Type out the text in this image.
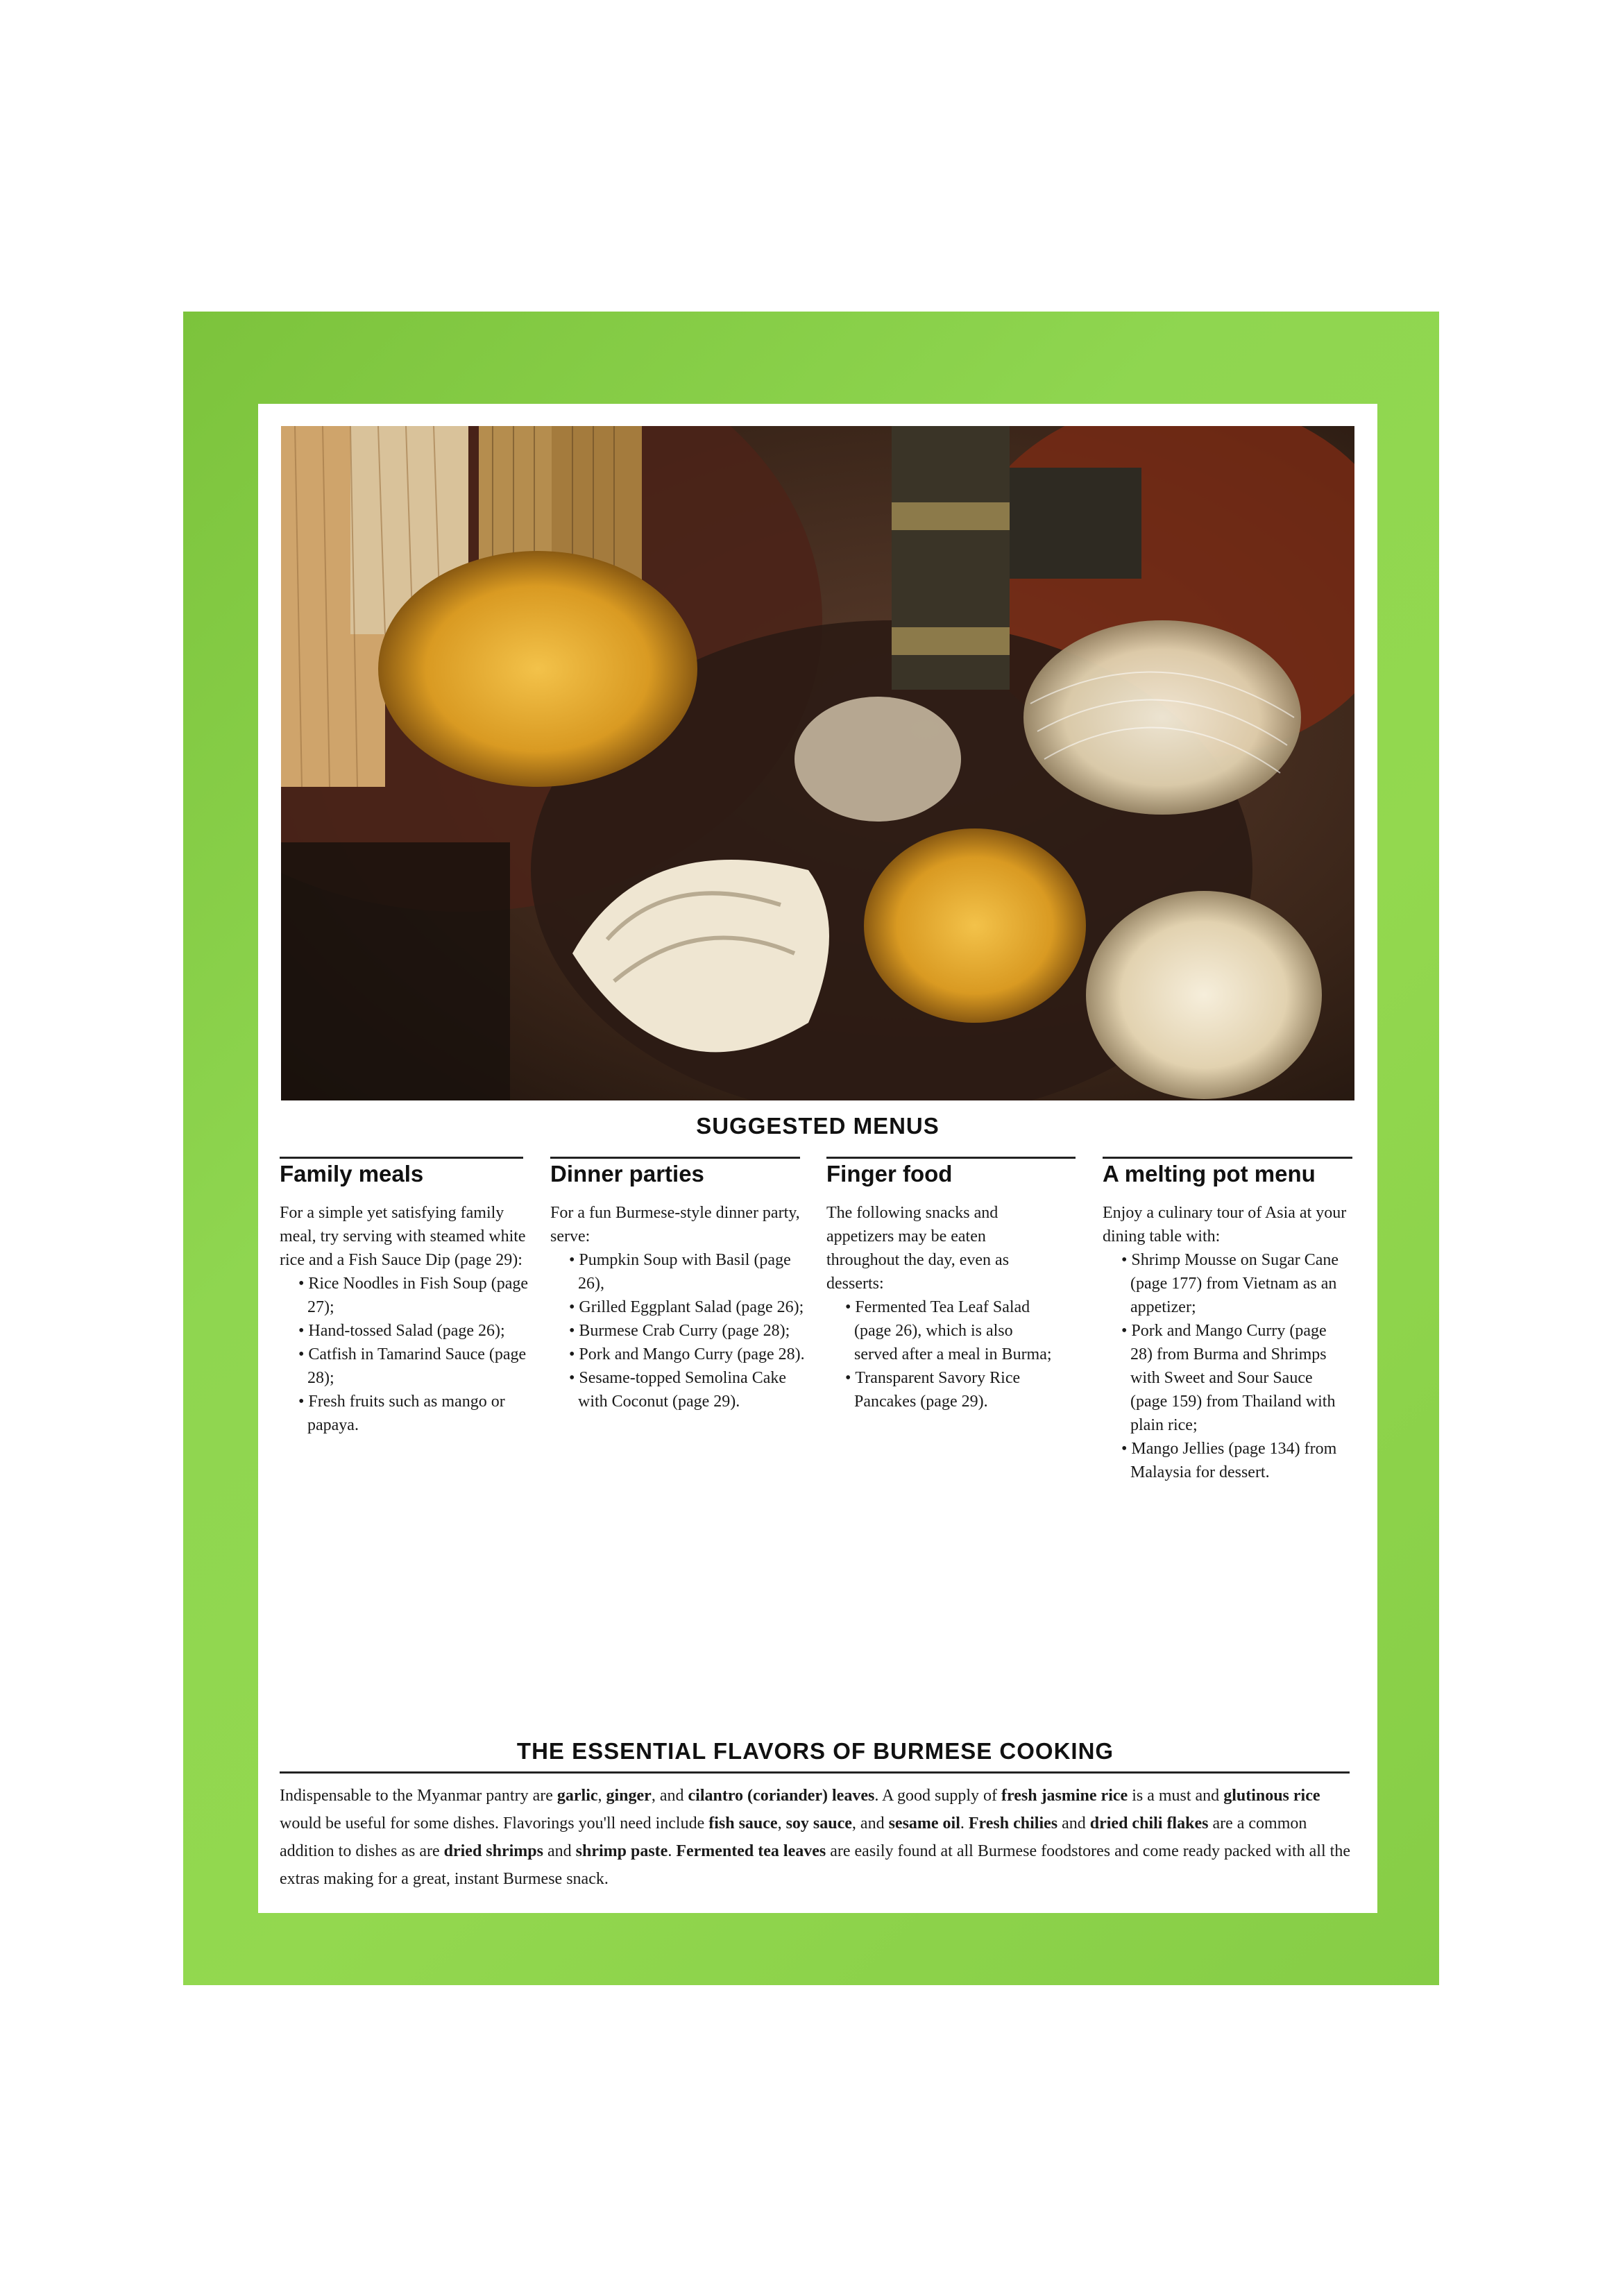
SUGGESTED MENUS
Family meals

For a simple yet satisfying family meal, try serving with steamed white rice and a Fish Sauce Dip (page 29):

• Rice Noodles in Fish Soup (page 27);
• Hand-tossed Salad (page 26);
• Catfish in Tamarind Sauce (page 28);
• Fresh fruits such as mango or papaya.
Dinner parties

For a fun Burmese-style dinner party, serve:

• Pumpkin Soup with Basil (page 26),
• Grilled Eggplant Salad (page 26);
• Burmese Crab Curry (page 28);
• Pork and Mango Curry (page 28).
• Sesame-topped Semolina Cake with Coconut (page 29).
Finger food

The following snacks and appetizers may be eaten throughout the day, even as desserts:

• Fermented Tea Leaf Salad (page 26), which is also served after a meal in Burma;
• Transparent Savory Rice Pancakes (page 29).
A melting pot menu

Enjoy a culinary tour of Asia at your dining table with:

• Shrimp Mousse on Sugar Cane (page 177) from Vietnam as an appetizer;
• Pork and Mango Curry (page 28) from Burma and Shrimps with Sweet and Sour Sauce (page 159) from Thailand with plain rice;
• Mango Jellies (page 134) from Malaysia for dessert.
THE ESSENTIAL FLAVORS OF BURMESE COOKING

Indispensable to the Myanmar pantry are garlic, ginger, and cilantro (coriander) leaves. A good supply of fresh jasmine rice is a must and glutinous rice would be useful for some dishes. Flavorings you'll need include fish sauce, soy sauce, and sesame oil. Fresh chilies and dried chili flakes are a common addition to dishes as are dried shrimps and shrimp paste. Fermented tea leaves are easily found at all Burmese foodstores and come ready packed with all the extras making for a great, instant Burmese snack.
